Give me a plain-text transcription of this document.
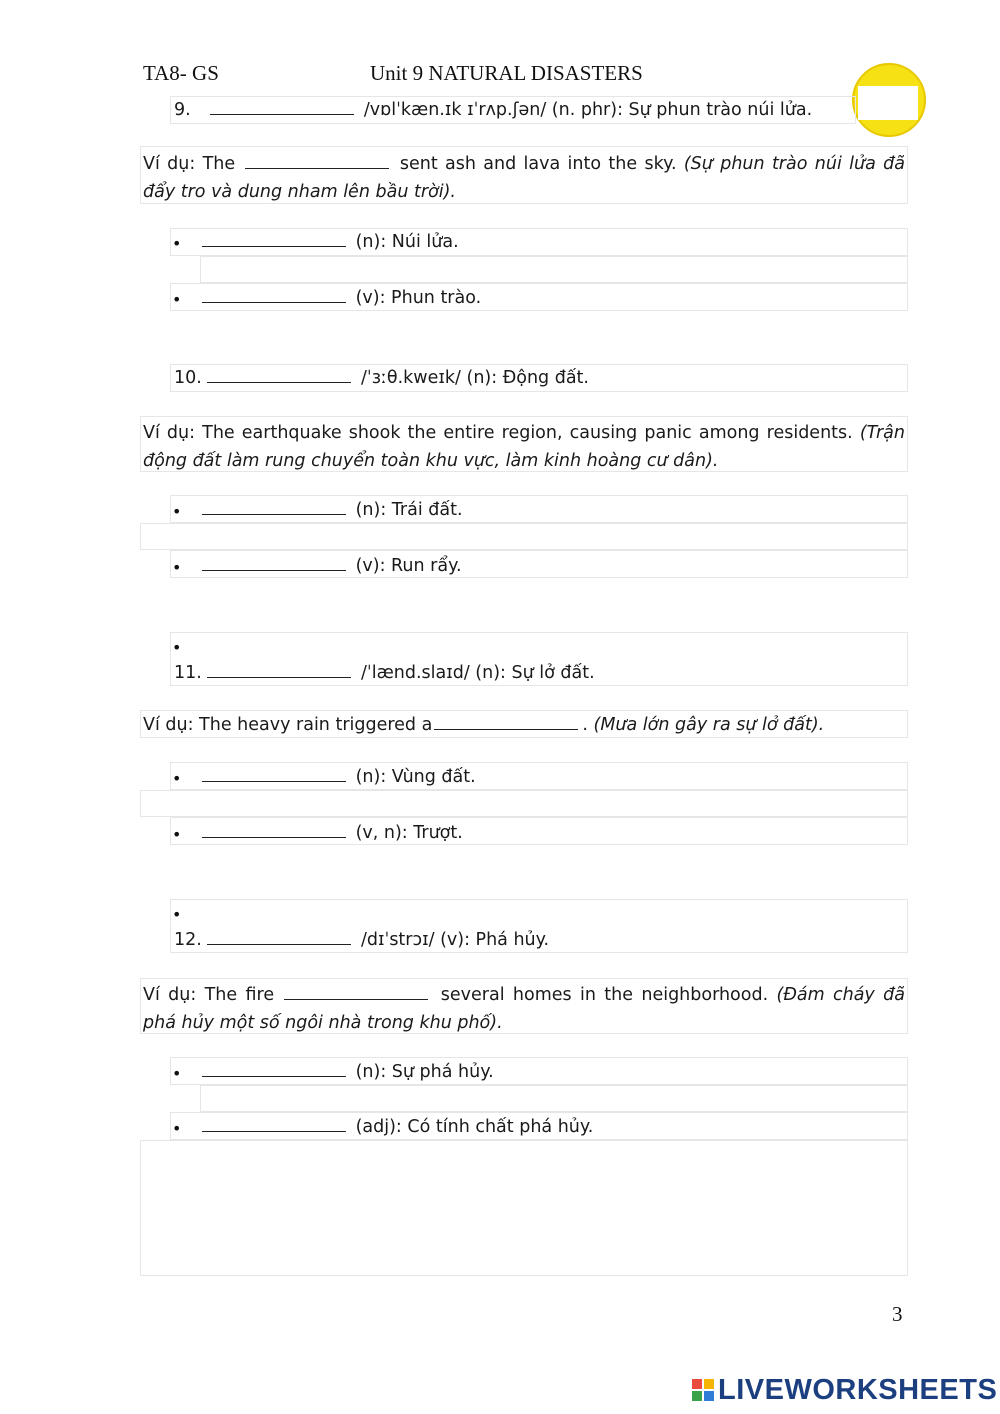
TA8- GS	Unit 9 NATURAL DISASTERS
9.	/vɒlˈkæn.ɪk ɪˈrʌp.ʃən/ (n. phr): Sự phun trào núi lửa.
Ví dụ: The	sent ash and lava into the sky. (Sự phun trào núi lửa đã đẩy tro và dung nham lên bầu trời).
•	(n): Núi lửa.
•	(v): Phun trào.
10.	/ˈɜːθ.kweɪk/ (n): Động đất.
Ví dụ: The earthquake shook the entire region, causing panic among residents. (Trận động đất làm rung chuyển toàn khu vực, làm kinh hoàng cư dân).
•	(n): Trái đất.
•	(v): Run rẩy.
•
11.	/ˈlænd.slaɪd/ (n): Sự lở đất.
Ví dụ: The heavy rain triggered a	. (Mưa lớn gây ra sự lở đất).
•	(n): Vùng đất.
•	(v, n): Trượt.
•
12.	/dɪˈstrɔɪ/ (v): Phá hủy.
Ví dụ: The fire	several homes in the neighborhood. (Đám cháy đã phá hủy một số ngôi nhà trong khu phố).
•	(n): Sự phá hủy.
•	(adj): Có tính chất phá hủy.
3
LIVEWORKSHEETS
